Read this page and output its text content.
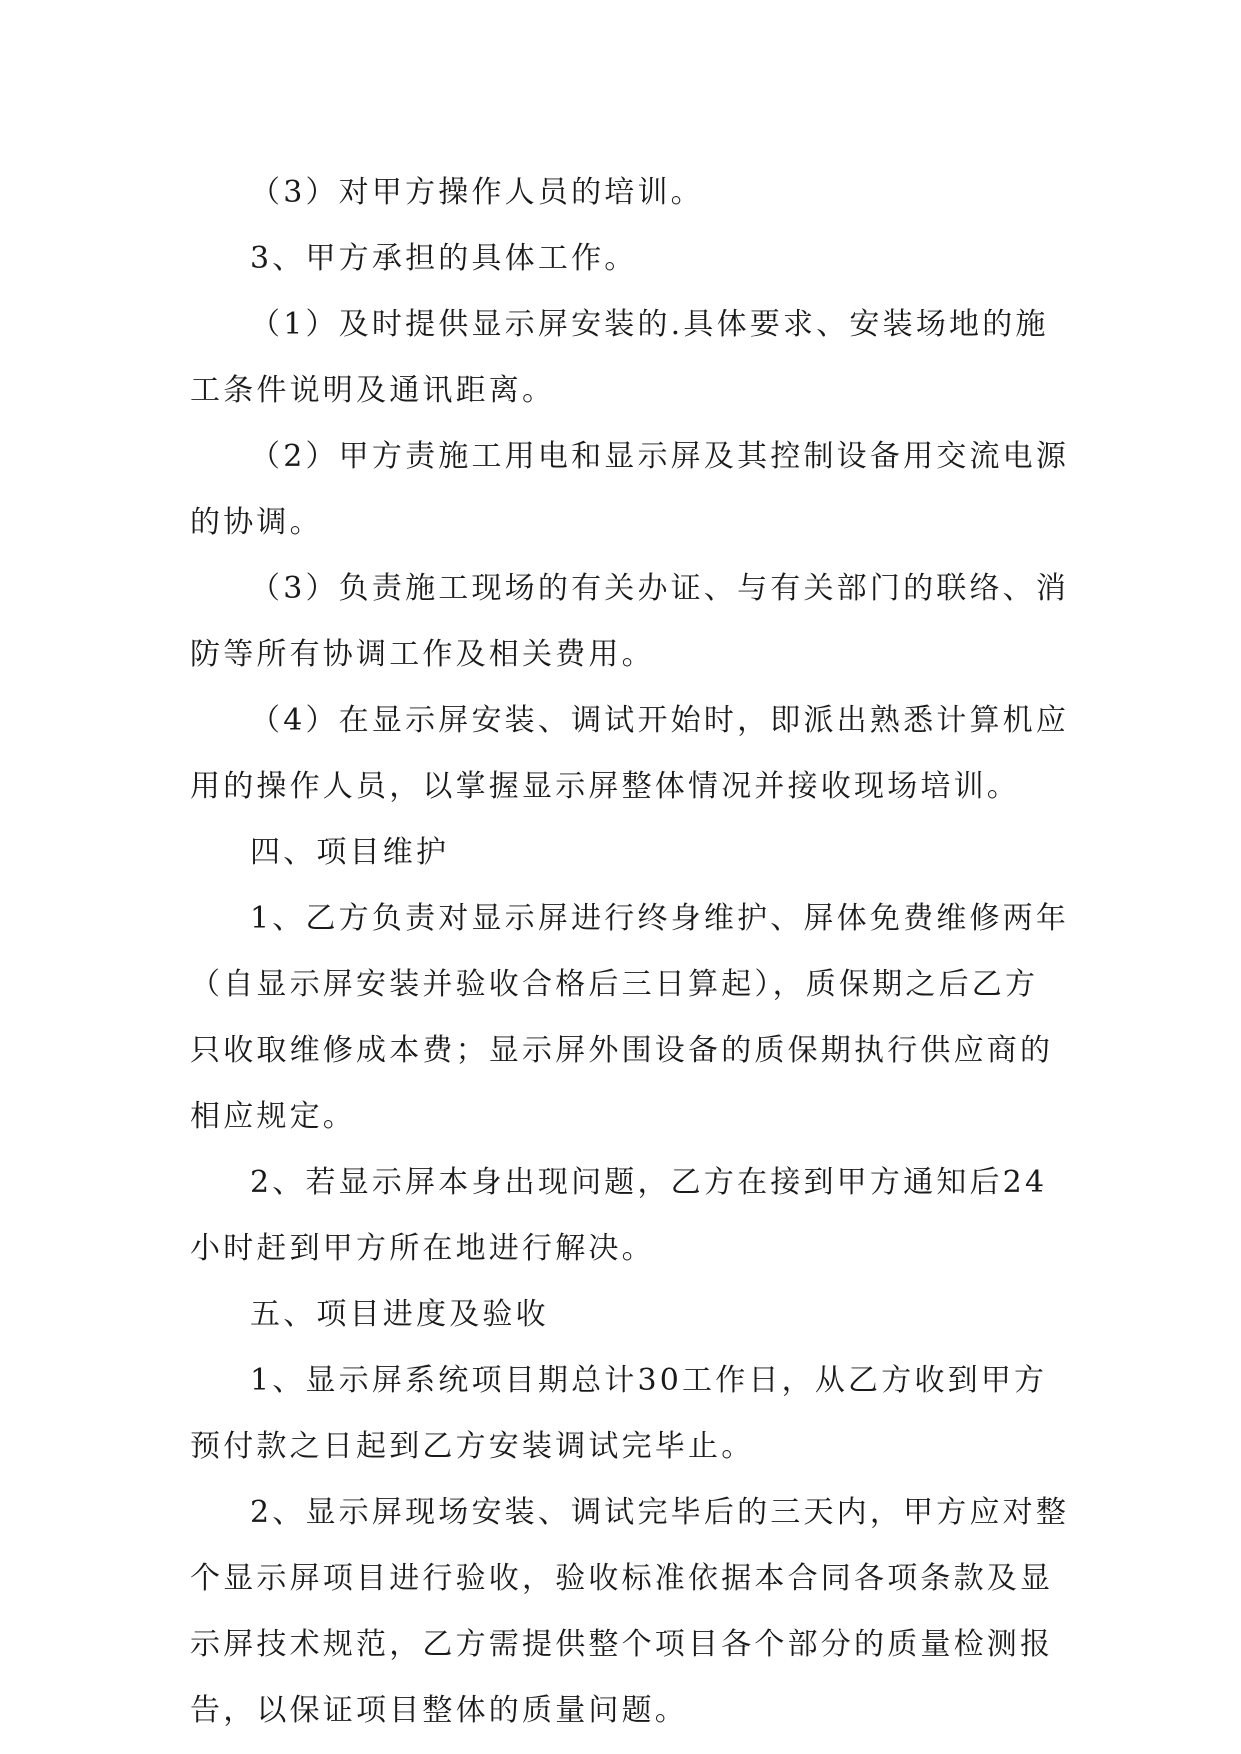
（3）对甲方操作人员的培训。

3、甲方承担的具体工作。

（1）及时提供显示屏安装的.具体要求、安装场地的施工条件说明及通讯距离。

（2）甲方责施工用电和显示屏及其控制设备用交流电源的协调。

（3）负责施工现场的有关办证、与有关部门的联络、消防等所有协调工作及相关费用。

（4）在显示屏安装、调试开始时，即派出熟悉计算机应用的操作人员，以掌握显示屏整体情况并接收现场培训。

四、项目维护

1、乙方负责对显示屏进行终身维护、屏体免费维修两年（自显示屏安装并验收合格后三日算起），质保期之后乙方只收取维修成本费；显示屏外围设备的质保期执行供应商的相应规定。

2、若显示屏本身出现问题，乙方在接到甲方通知后24小时赶到甲方所在地进行解决。

五、项目进度及验收

1、显示屏系统项目期总计30工作日，从乙方收到甲方预付款之日起到乙方安装调试完毕止。

2、显示屏现场安装、调试完毕后的三天内，甲方应对整个显示屏项目进行验收，验收标准依据本合同各项条款及显示屏技术规范，乙方需提供整个项目各个部分的质量检测报告，以保证项目整体的质量问题。
